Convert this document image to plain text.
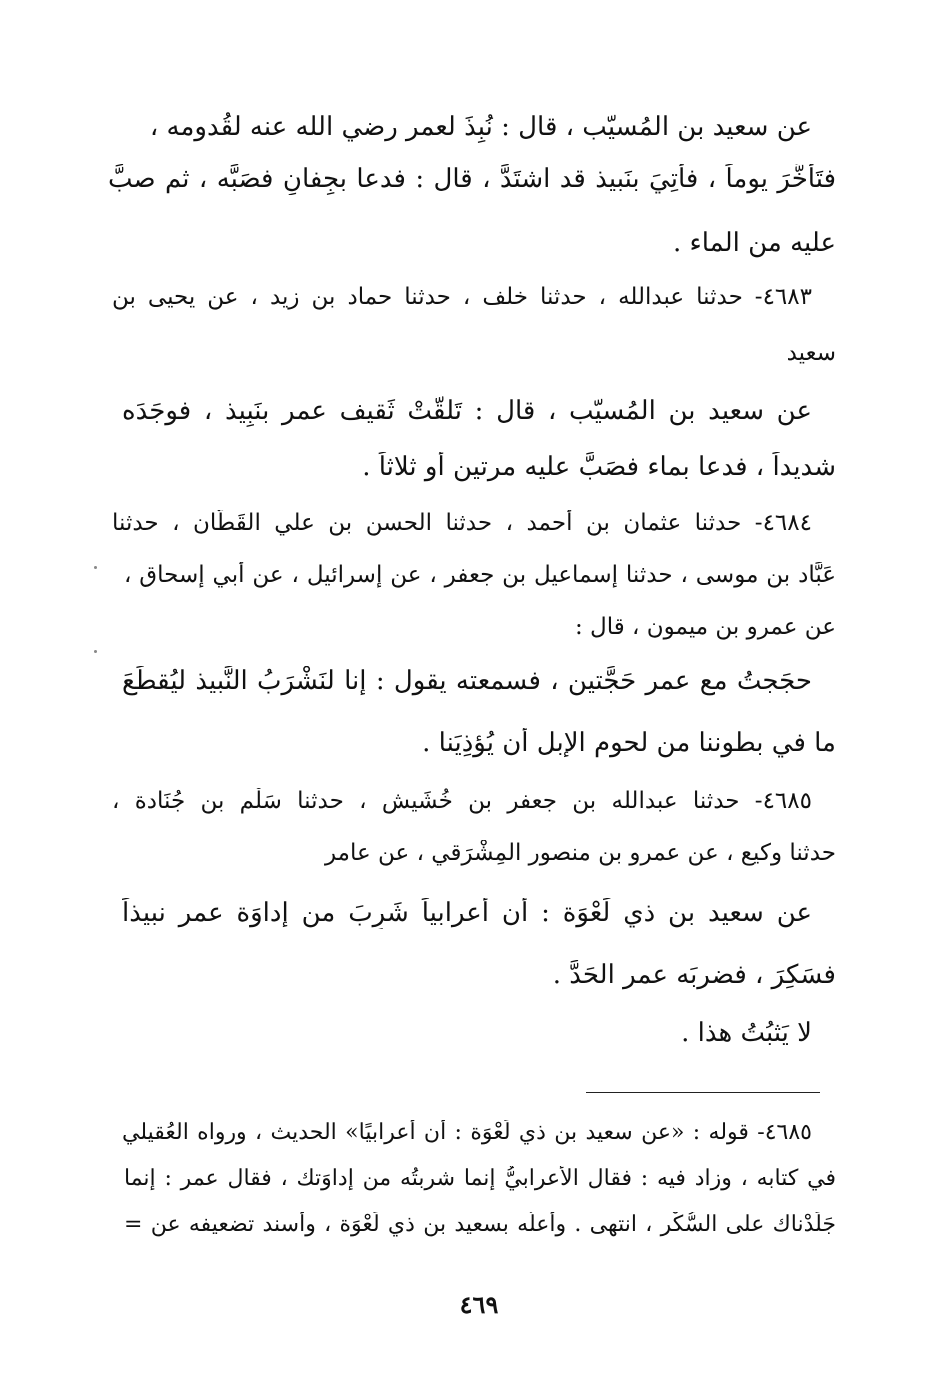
عن سعيد بن المُسيّب ، قال : نُبِذَ لعمر رضي الله عنه لقُدومه ،

فتَأخَّرَ يوماً ، فأُتِيَ بنَبيذ قد اشتَدَّ ، قال : فدعا بجِفانٍ فصَبَّه ، ثم صبَّ

عليه من الماء .

٤٦٨٣- حدثنا عبدالله ، حدثنا خلف ، حدثنا حماد بن زيد ، عن يحيى بن

سعيد

عن سعيد بن المُسيّب ، قال : تَلقَّتْ ثَقيف عمر بنَبِيذ ، فوجَدَه

شديداً ، فدعا بماء فصَبَّ عليه مرتين أو ثلاثاً .

٤٦٨٤- حدثنا عثمان بن أحمد ، حدثنا الحسن بن علي القَطَّان ، حدثنا

عَبَّاد بن موسى ، حدثنا إسماعيل بن جعفر ، عن إسرائيل ، عن أبي إسحاق ،

عن عمرو بن ميمون ، قال :

حجَجتُ مع عمر حَجَّتين ، فسمعته يقول : إنا لنَشْرَبُ النَّبيذ ليُقطِّعَ

ما في بطوننا من لحوم الإبل أن يُؤذِيَنا .

٤٦٨٥- حدثنا عبدالله بن جعفر بن خُشَيش ، حدثنا سَلْم بن جُنَادة ،

حدثنا وكيع ، عن عمرو بن منصور المِشْرَقي ، عن عامر

عن سعيد بن ذي لَعْوَة : أن أعرابياً شَرِبَ من إداوَة عمر نبيذاً

فسَكِرَ ، فضربَه عمر الحَدَّ .

لا يَثبُتُ هذا .

٤٦٨٥- قوله : «عن سعيد بن ذي لَعْوَة : أن أعرابيًا» الحديث ، ورواه العُقيلي

في كتابه ، وزاد فيه : فقال الأعرابيُّ إنما شربتُه من إداوَتك ، فقال عمر : إنما

جَلَدْناك على السُّكْر ، انتهى . وأعلَّه بسعيد بن ذي لَعْوَة ، وأسند تضعيفه عن =

٤٦٩
